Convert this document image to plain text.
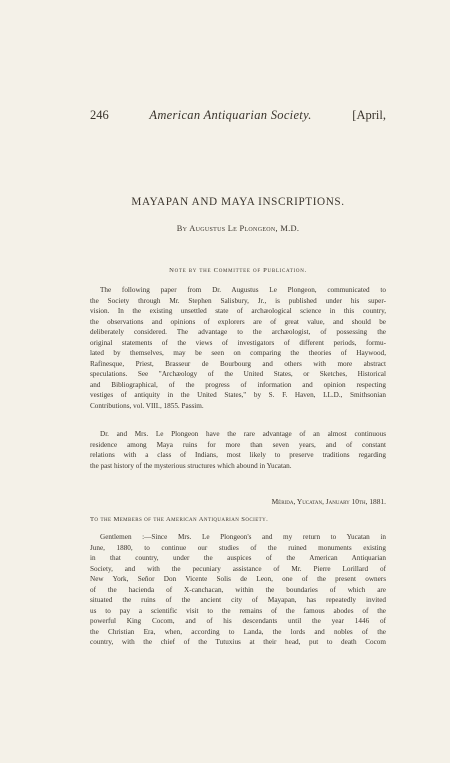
246	American Antiquarian Society.	[April,
MAYAPAN AND MAYA INSCRIPTIONS.
By Augustus Le Plongeon, M.D.
Note by the Committee of Publication.

The following paper from Dr. Augustus Le Plongeon, communicated to
the Society through Mr. Stephen Salisbury, Jr., is published under his super-
vision. In the existing unsettled state of archæological science in this country,
the observations and opinions of explorers are of great value, and should be
deliberately considered. The advantage to the archæologist, of possessing the
original statements of the views of investigators of different periods, formu-
lated by themselves, may be seen on comparing the theories of Haywood,
Rafinesque, Priest, Brasseur de Bourbourg and others with more abstract
speculations. See "Archæology of the United States, or Sketches, Historical
and Bibliographical, of the progress of information and opinion respecting
vestiges of antiquity in the United States," by S. F. Haven, LL.D., Smithsonian
Contributions, vol. VIII., 1855. Passim.

Dr. and Mrs. Le Plongeon have the rare advantage of an almost continuous
residence among Maya ruins for more than seven years, and of constant
relations with a class of Indians, most likely to preserve traditions regarding
the past history of the mysterious structures which abound in Yucatan.

Mérida, Yucatan, January 10th, 1881.
To the Members of the American Antiquarian Society.

Gentlemen :—Since Mrs. Le Plongeon's and my return to Yucatan in
June, 1880, to continue our studies of the ruined monuments existing
in that country, under the auspices of the American Antiquarian
Society, and with the pecuniary assistance of Mr. Pierre Lorillard of
New York, Señor Don Vicente Solis de Leon, one of the present owners
of the hacienda of X-canchacan, within the boundaries of which are
situated the ruins of the ancient city of Mayapan, has repeatedly invited
us to pay a scientific visit to the remains of the famous abodes of the
powerful King Cocom, and of his descendants until the year 1446 of
the Christian Era, when, according to Landa, the lords and nobles of the
country, with the chief of the Tutuxius at their head, put to death Cocom
